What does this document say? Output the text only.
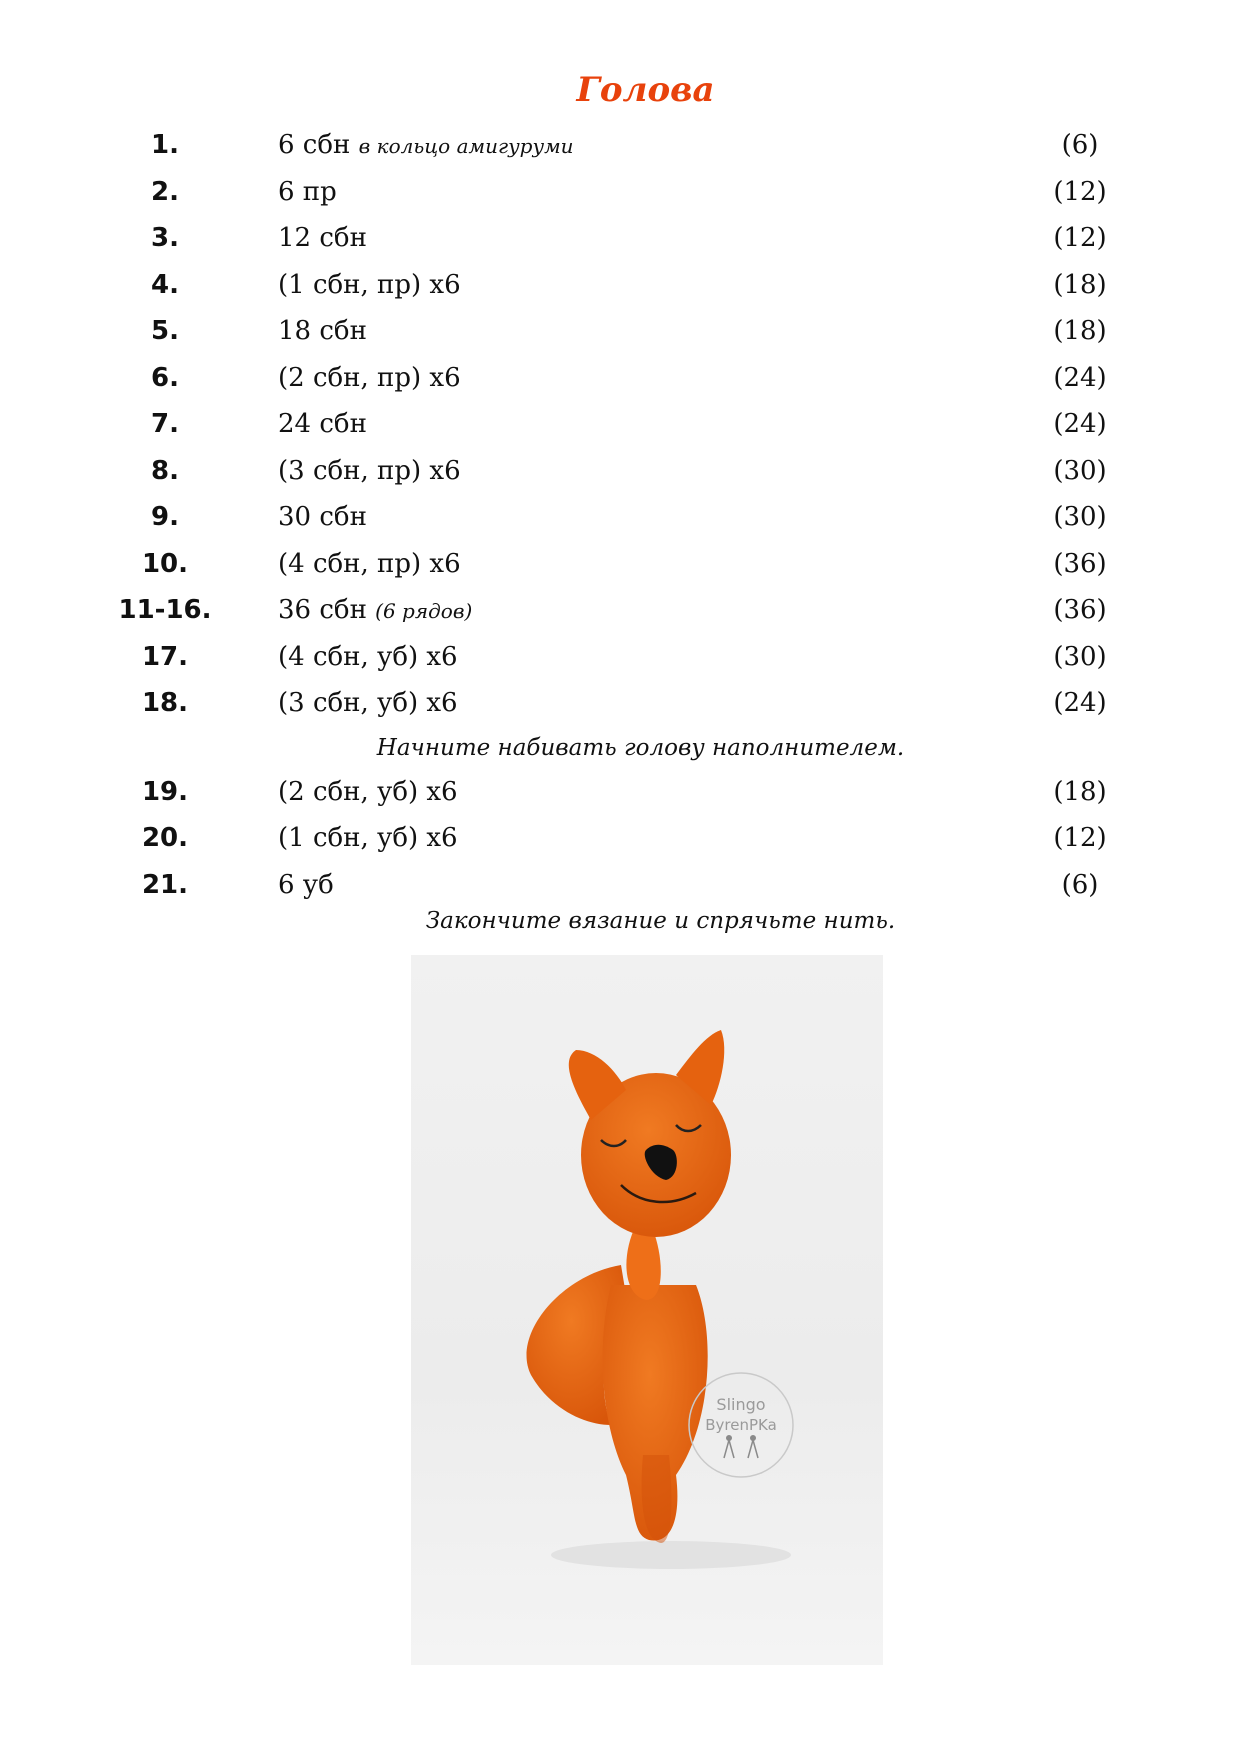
Голова
1.	6 сбн в кольцо амигуруми	(6)
2.	6 пр	(12)
3.	12 сбн	(12)
4.	(1 сбн, пр) х6	(18)
5.	18 сбн	(18)
6.	(2 сбн, пр) х6	(24)
7.	24 сбн	(24)
8.	(3 сбн, пр) х6	(30)
9.	30 сбн	(30)
10.	(4 сбн, пр) х6	(36)
11-16.	36 сбн (6 рядов)	(36)
17.	(4 сбн, уб) х6	(30)
18.	(3 сбн, уб) х6	(24)
Начните набивать голову наполнителем.
19.	(2 сбн, уб) х6	(18)
20.	(1 сбн, уб) х6	(12)
21.	6 уб	(6)
Закончите вязание и спрячьте нить.
Slingo
ByrenPKa
